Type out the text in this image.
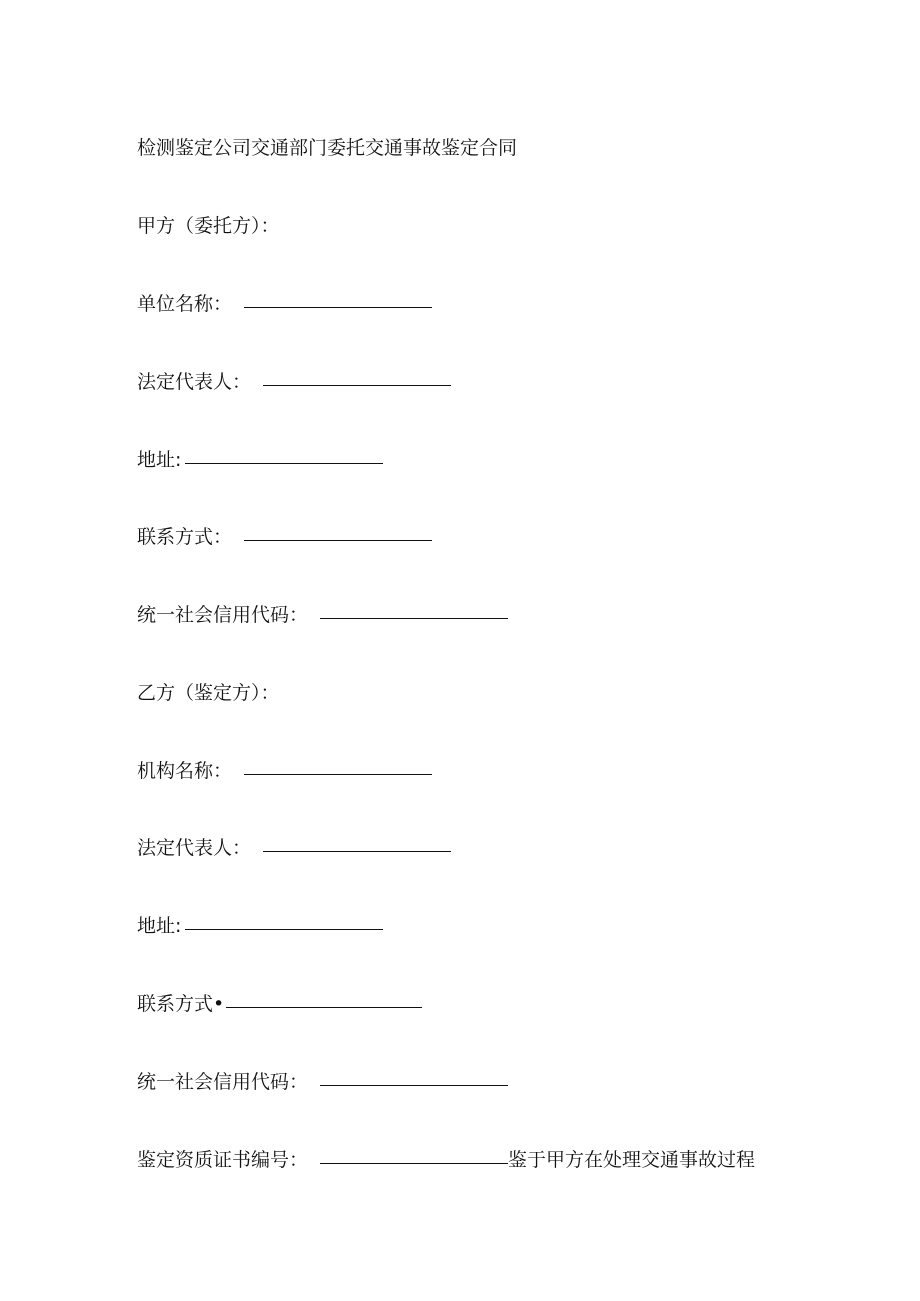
检测鉴定公司交通部门委托交通事故鉴定合同
甲方（委托方）：
单位名称：
法定代表人：
地址:
联系方式：
统一社会信用代码：
乙方（鉴定方）：
机构名称：
法定代表人：
地址:
联系方式•
统一社会信用代码：
鉴定资质证书编号：	鉴于甲方在处理交通事故过程
